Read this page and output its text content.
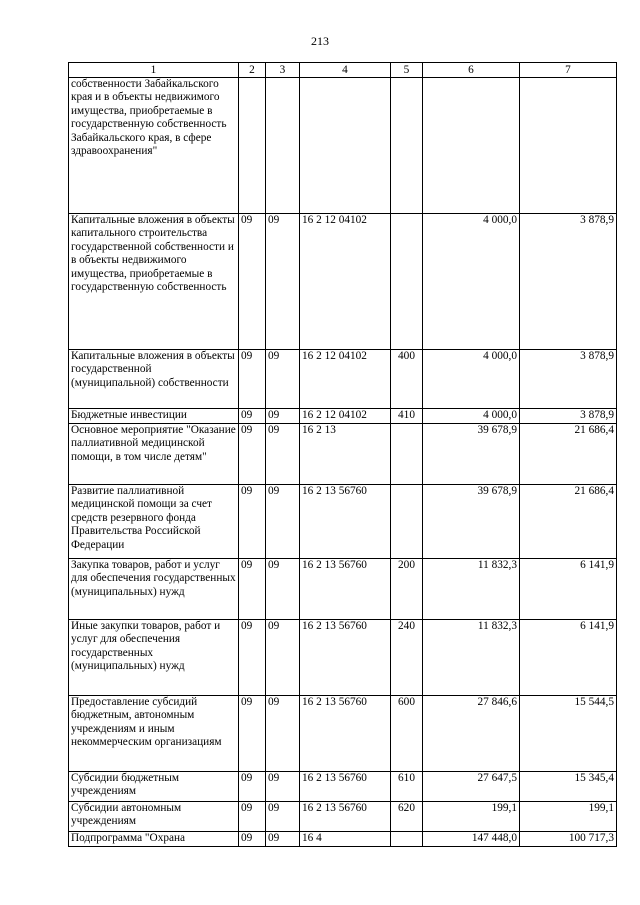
213
1	2	3	4	5	6	7
собственности Забайкальского края и в объекты недвижимого имущества, приобретаемые в государственную собственность Забайкальского края, в сфере здравоохранения"						
Капитальные вложения в объекты капитального строительства государственной собственности и в объекты недвижимого имущества, приобретаемые в государственную собственность	09	09	16 2 12 04102		4 000,0	3 878,9
Капитальные вложения в объекты государственной (муниципальной) собственности	09	09	16 2 12 04102	400	4 000,0	3 878,9
Бюджетные инвестиции	09	09	16 2 12 04102	410	4 000,0	3 878,9
Основное мероприятие "Оказание паллиативной медицинской помощи, в том числе детям"	09	09	16 2 13		39 678,9	21 686,4
Развитие паллиативной медицинской помощи за счет средств резервного фонда Правительства Российской Федерации	09	09	16 2 13 56760		39 678,9	21 686,4
Закупка товаров, работ и услуг для обеспечения государственных (муниципальных) нужд	09	09	16 2 13 56760	200	11 832,3	6 141,9
Иные закупки товаров, работ и услуг для обеспечения государственных (муниципальных) нужд	09	09	16 2 13 56760	240	11 832,3	6 141,9
Предоставление субсидий бюджетным, автономным учреждениям и иным некоммерческим организациям	09	09	16 2 13 56760	600	27 846,6	15 544,5
Субсидии бюджетным учреждениям	09	09	16 2 13 56760	610	27 647,5	15 345,4
Субсидии автономным учреждениям	09	09	16 2 13 56760	620	199,1	199,1
Подпрограмма "Охрана	09	09	16 4		147 448,0	100 717,3
